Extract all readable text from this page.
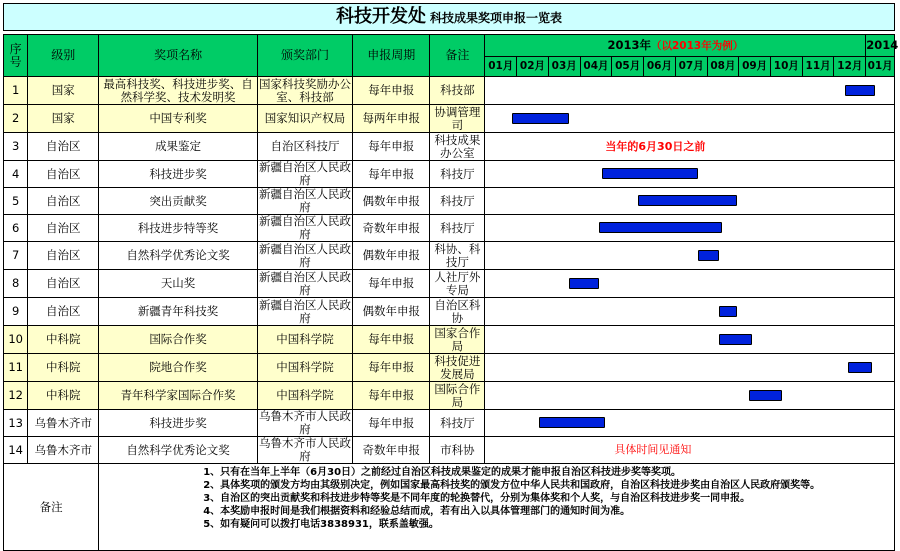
科技开发处 科技成果奖项申报一览表
序号	级别	奖项名称	颁奖部门	申报周期	备注	2013年（以2013年为例）												2014
						01月	02月	03月	04月	05月	06月	07月	08月	09月	10月	11月	12月	01月
1	国家	最高科技奖、科技进步奖、自然科学奖、技术发明奖	国家科技奖励办公室、科技部	每年申报	科技部													

2	国家	中国专利奖	国家知识产权局	每两年申报	协调管理司													

3	自治区	成果鉴定	自治区科技厅	每年申报	科技成果办公室	当年的6月30日之前												

4	自治区	科技进步奖	新疆自治区人民政府	每年申报	科技厅													

5	自治区	突出贡献奖	新疆自治区人民政府	偶数年申报	科技厅													

6	自治区	科技进步特等奖	新疆自治区人民政府	奇数年申报	科技厅													

7	自治区	自然科学优秀论文奖	新疆自治区人民政府	偶数年申报	科协、科技厅													

8	自治区	天山奖	新疆自治区人民政府	每年申报	人社厅外专局													

9	自治区	新疆青年科技奖	新疆自治区人民政府	偶数年申报	自治区科协													

10	中科院	国际合作奖	中国科学院	每年申报	国家合作局													

11	中科院	院地合作奖	中国科学院	每年申报	科技促进发展局													

12	中科院	青年科学家国际合作奖	中国科学院	每年申报	国际合作局													

13	乌鲁木齐市	科技进步奖	乌鲁木齐市人民政府	每年申报	科技厅													

14	乌鲁木齐市	自然科学优秀论文奖	乌鲁木齐市人民政府	奇数年申报	市科协	具体时间见通知												

备注		1、只有在当年上半年（6月30日）之前经过自治区科技成果鉴定的成果才能申报自治区科技进步奖等奖项。
2、具体奖项的颁发方均由其级别决定，例如国家最高科技奖的颁发方位中华人民共和国政府，自治区科技进步奖由自治区人民政府颁奖等。
3、自治区的突出贡献奖和科技进步特等奖是不同年度的轮换替代，分别为集体奖和个人奖，与自治区科技进步奖一同申报。
4、本奖励申报时间是我们根据资料和经验总结而成，若有出入以具体管理部门的通知时间为准。
5、如有疑问可以拨打电话3838931，联系盖敏强。																
